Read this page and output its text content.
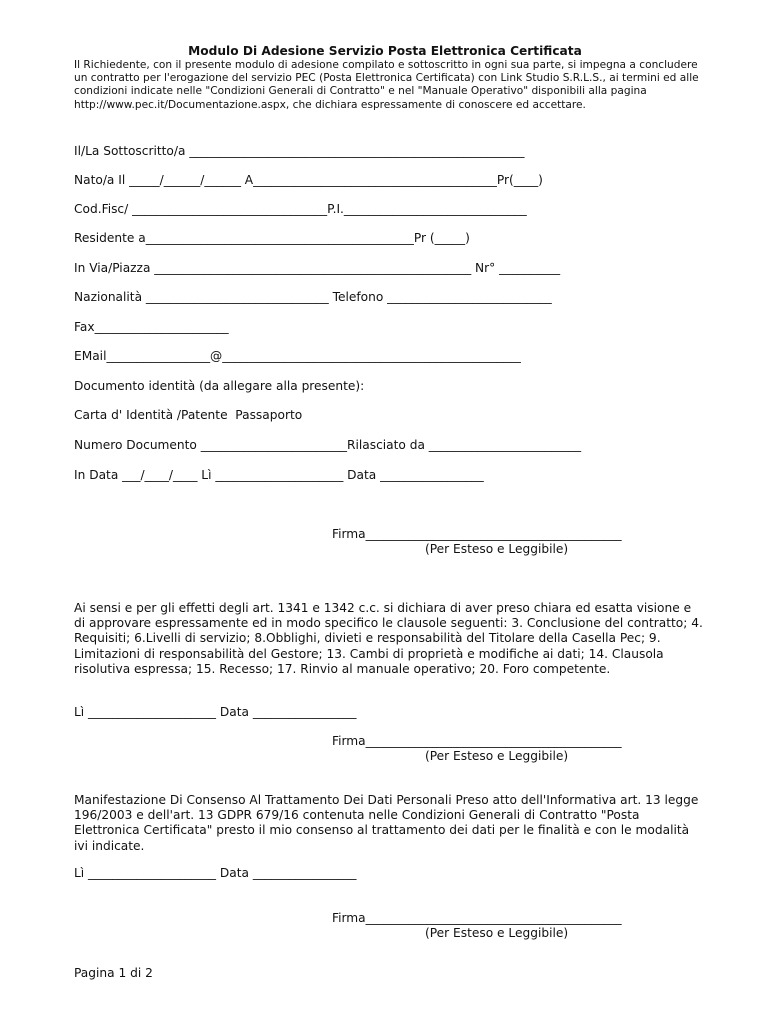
Modulo Di Adesione Servizio Posta Elettronica Certificata
Il Richiedente, con il presente modulo di adesione compilato e sottoscritto in ogni sua parte, si impegna a concludere un contratto per l'erogazione del servizio PEC (Posta Elettronica Certificata) con Link Studio S.R.L.S., ai termini ed alle condizioni indicate nelle "Condizioni Generali di Contratto" e nel "Manuale Operativo" disponibili alla pagina http://www.pec.it/Documentazione.aspx, che dichiara espressamente di conoscere ed accettare.
Il/La Sottoscritto/a _______________________________________________________
Nato/a Il _____/______/______ A________________________________________Pr(____)
Cod.Fisc/ ________________________________P.I.______________________________
Residente a____________________________________________Pr (_____)
In Via/Piazza ____________________________________________________ Nr° __________
Nazionalità ______________________________ Telefono ___________________________
Fax______________________
EMail_________________@_________________________________________________
Documento identità (da allegare alla presente):
Carta d' Identità /Patente  Passaporto
Numero Documento ________________________Rilasciato da _________________________
In Data ___/____/____ Lì _____________________ Data _________________
Firma__________________________________________
(Per Esteso e Leggibile)
Ai sensi e per gli effetti degli art. 1341 e 1342 c.c. si dichiara di aver preso chiara ed esatta visione e di approvare espressamente ed in modo specifico le clausole seguenti: 3. Conclusione del contratto; 4. Requisiti; 6.Livelli di servizio; 8.Obblighi, divieti e responsabilità del Titolare della Casella Pec; 9. Limitazioni di responsabilità del Gestore; 13. Cambi di proprietà e modifiche ai dati; 14. Clausola risolutiva espressa; 15. Recesso; 17. Rinvio al manuale operativo; 20. Foro competente.
Lì _____________________ Data _________________
Firma__________________________________________
(Per Esteso e Leggibile)
Manifestazione Di Consenso Al Trattamento Dei Dati Personali Preso atto dell'Informativa art. 13 legge 196/2003 e dell'art. 13 GDPR 679/16 contenuta nelle Condizioni Generali di Contratto "Posta Elettronica Certificata" presto il mio consenso al trattamento dei dati per le finalità e con le modalità ivi indicate.
Lì _____________________ Data _________________
Firma__________________________________________
(Per Esteso e Leggibile)
Pagina 1 di 2
